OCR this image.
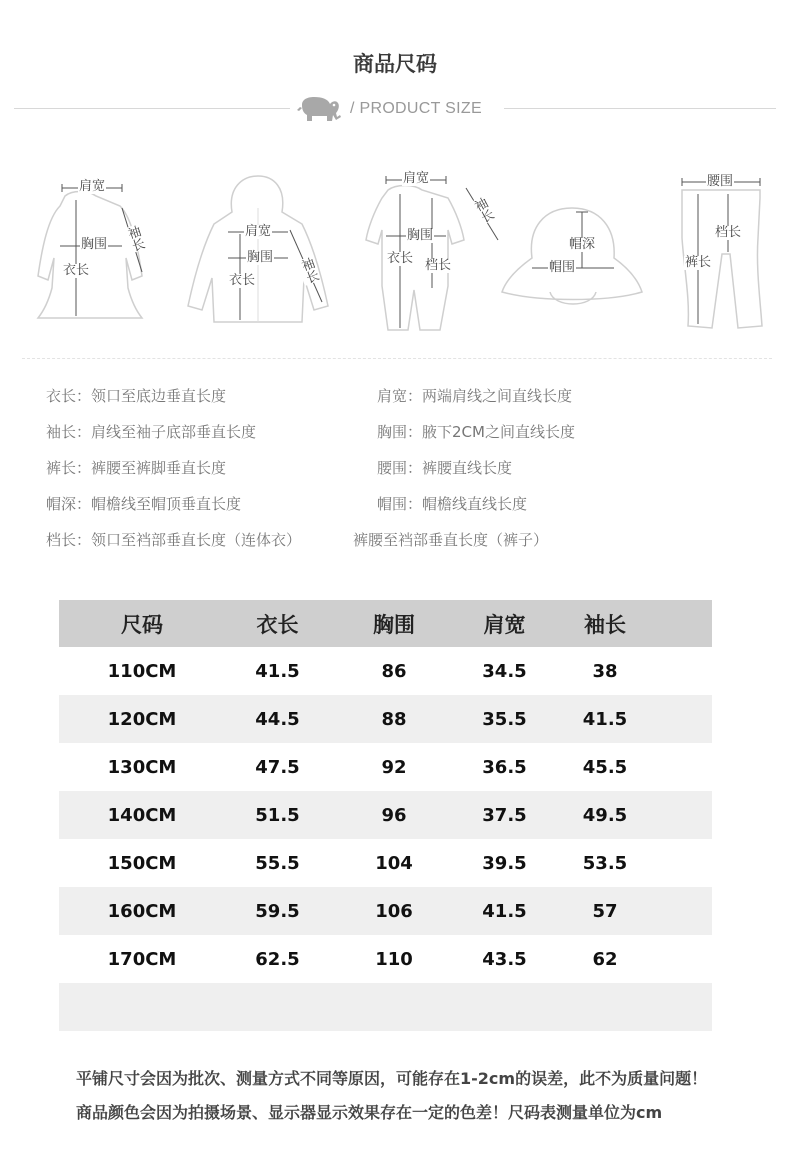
商品尺码
/ PRODUCT SIZE
肩宽
袖长
胸围
衣长
肩宽
胸围
衣长	袖长
肩宽
袖长
胸围
衣长 档长
帽深
帽围
腰围
档长
裤长
衣长：领口至底边垂直长度	肩宽：两端肩线之间直线长度
袖长：肩线至袖子底部垂直长度	胸围：腋下2CM之间直线长度
裤长：裤腰至裤脚垂直长度	腰围：裤腰直线长度
帽深：帽檐线至帽顶垂直长度	帽围：帽檐线直线长度
档长：领口至裆部垂直长度（连体衣）	裤腰至裆部垂直长度（裤子）
尺码	衣长	胸围	肩宽	袖长	
110CM	41.5	86	34.5	38	
120CM	44.5	88	35.5	41.5	
130CM	47.5	92	36.5	45.5	
140CM	51.5	96	37.5	49.5	
150CM	55.5	104	39.5	53.5	
160CM	59.5	106	41.5	57	
170CM	62.5	110	43.5	62	

平铺尺寸会因为批次、测量方式不同等原因，可能存在1-2cm的误差，此不为质量问题！
商品颜色会因为拍摄场景、显示器显示效果存在一定的色差！尺码表测量单位为cm
